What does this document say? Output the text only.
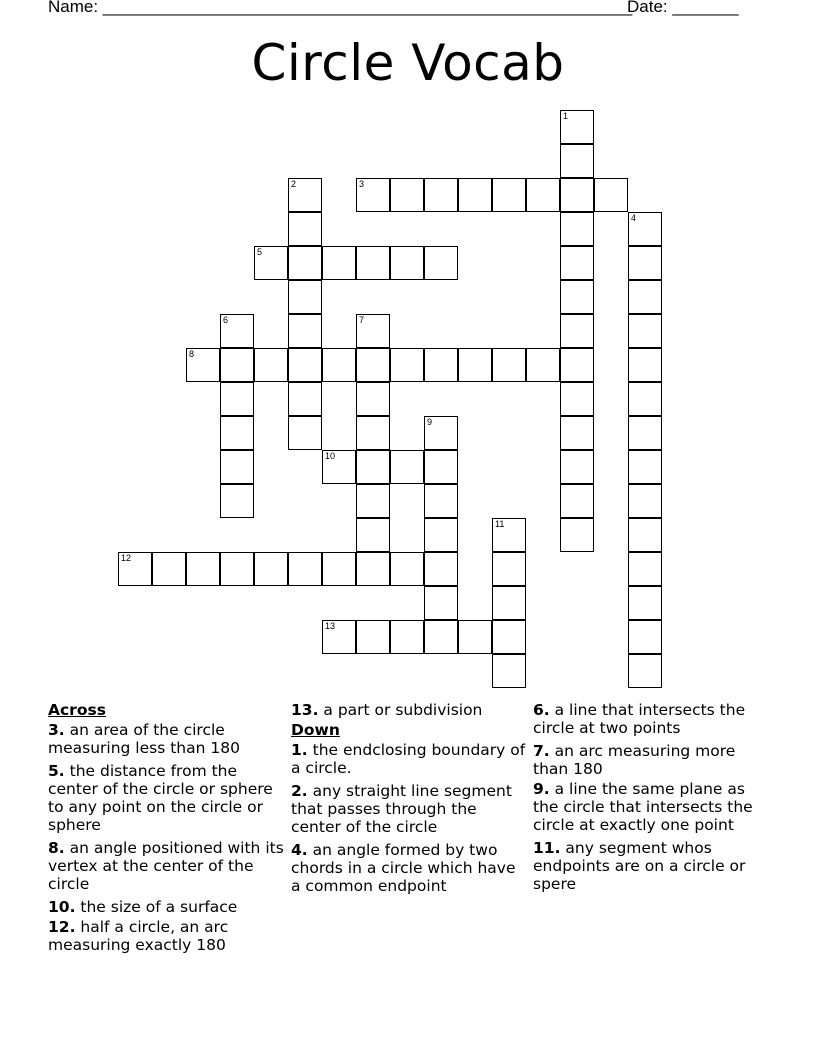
Name: ________________________________________________________
Date: _______
Circle Vocab
3
5
8
10
12
13
1
2
4
6	7
9
11
Across
3. an area of the circle measuring less than 180
5. the distance from the center of the circle or sphere to any point on the circle or sphere
8. an angle positioned with its vertex at the center of the circle
10. the size of a surface
12. half a circle, an arc measuring exactly 180
13. a part or subdivision
Down
1. the endclosing boundary of a circle.
2. any straight line segment that passes through the center of the circle
4. an angle formed by two chords in a circle which have a common endpoint
6. a line that intersects the circle at two points
7. an arc measuring more than 180
9. a line the same plane as the circle that intersects the circle at exactly one point
11. any segment whos endpoints are on a circle or spere
